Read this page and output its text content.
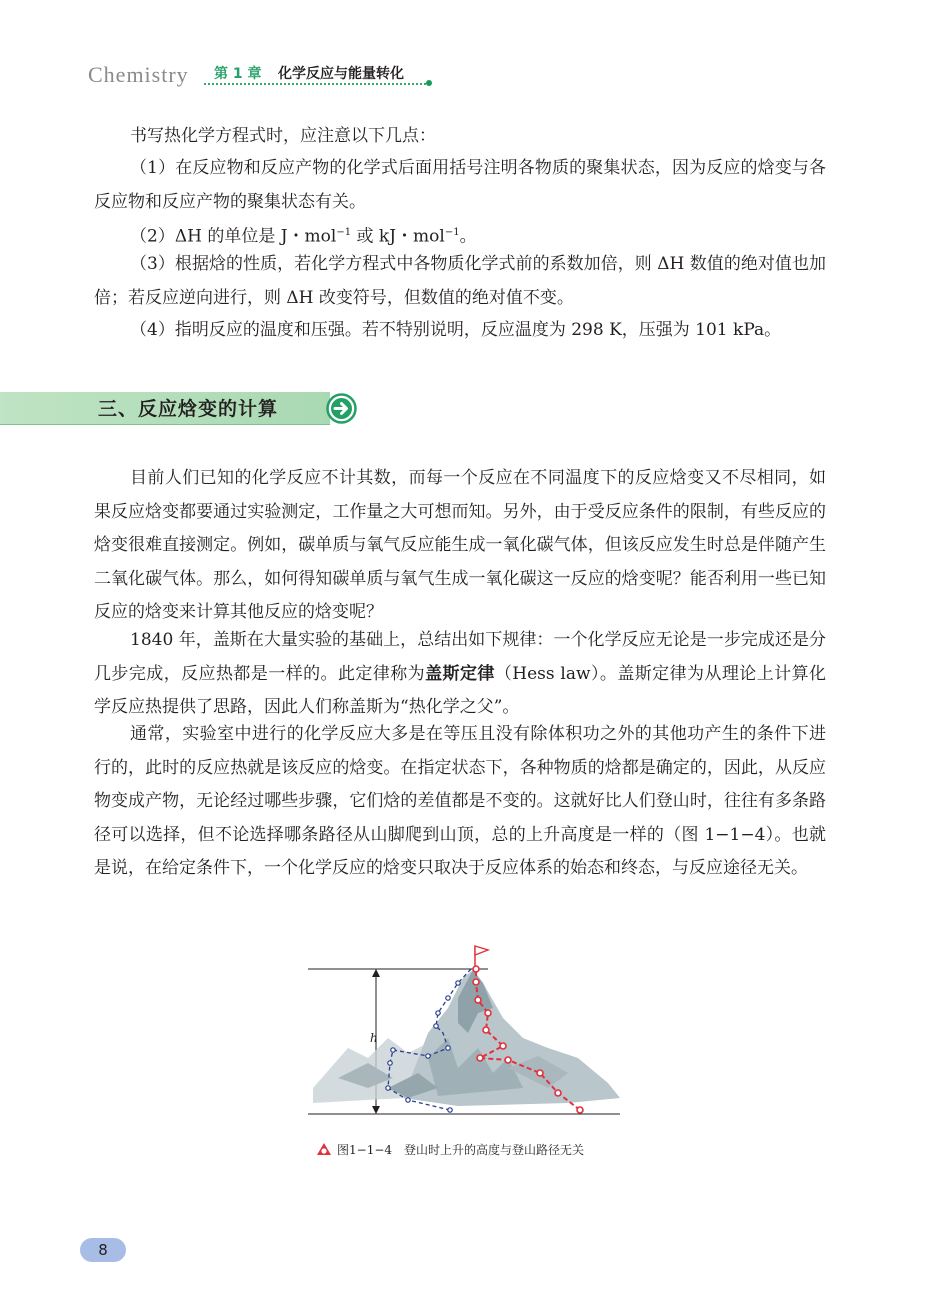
Chemistry 第 1 章 化学反应与能量转化
书写热化学方程式时，应注意以下几点：
（1）在反应物和反应产物的化学式后面用括号注明各物质的聚集状态，因为反应的焓变与各反应物和反应产物的聚集状态有关。
（2）ΔH 的单位是 J・mol$^{-1}$ 或 kJ・mol$^{-1}$。
（3）根据焓的性质，若化学方程式中各物质化学式前的系数加倍，则 ΔH 数值的绝对值也加倍；若反应逆向进行，则 ΔH 改变符号，但数值的绝对值不变。
（4）指明反应的温度和压强。若不特别说明，反应温度为 298 K，压强为 101 kPa。
三、反应焓变的计算
目前人们已知的化学反应不计其数，而每一个反应在不同温度下的反应焓变又不尽相同，如果反应焓变都要通过实验测定，工作量之大可想而知。另外，由于受反应条件的限制，有些反应的焓变很难直接测定。例如，碳单质与氧气反应能生成一氧化碳气体，但该反应发生时总是伴随产生二氧化碳气体。那么，如何得知碳单质与氧气生成一氧化碳这一反应的焓变呢？能否利用一些已知反应的焓变来计算其他反应的焓变呢？
1840 年，盖斯在大量实验的基础上，总结出如下规律：一个化学反应无论是一步完成还是分几步完成，反应热都是一样的。此定律称为盖斯定律（Hess law）。盖斯定律为从理论上计算化学反应热提供了思路，因此人们称盖斯为“热化学之父”。
通常，实验室中进行的化学反应大多是在等压且没有除体积功之外的其他功产生的条件下进行的，此时的反应热就是该反应的焓变。在指定状态下，各种物质的焓都是确定的，因此，从反应物变成产物，无论经过哪些步骤，它们焓的差值都是不变的。这就好比人们登山时，往往有多条路径可以选择，但不论选择哪条路径从山脚爬到山顶，总的上升高度是一样的（图 1−1−4）。也就是说，在给定条件下，一个化学反应的焓变只取决于反应体系的始态和终态，与反应途径无关。
h
图1−1−4　登山时上升的高度与登山路径无关
8
